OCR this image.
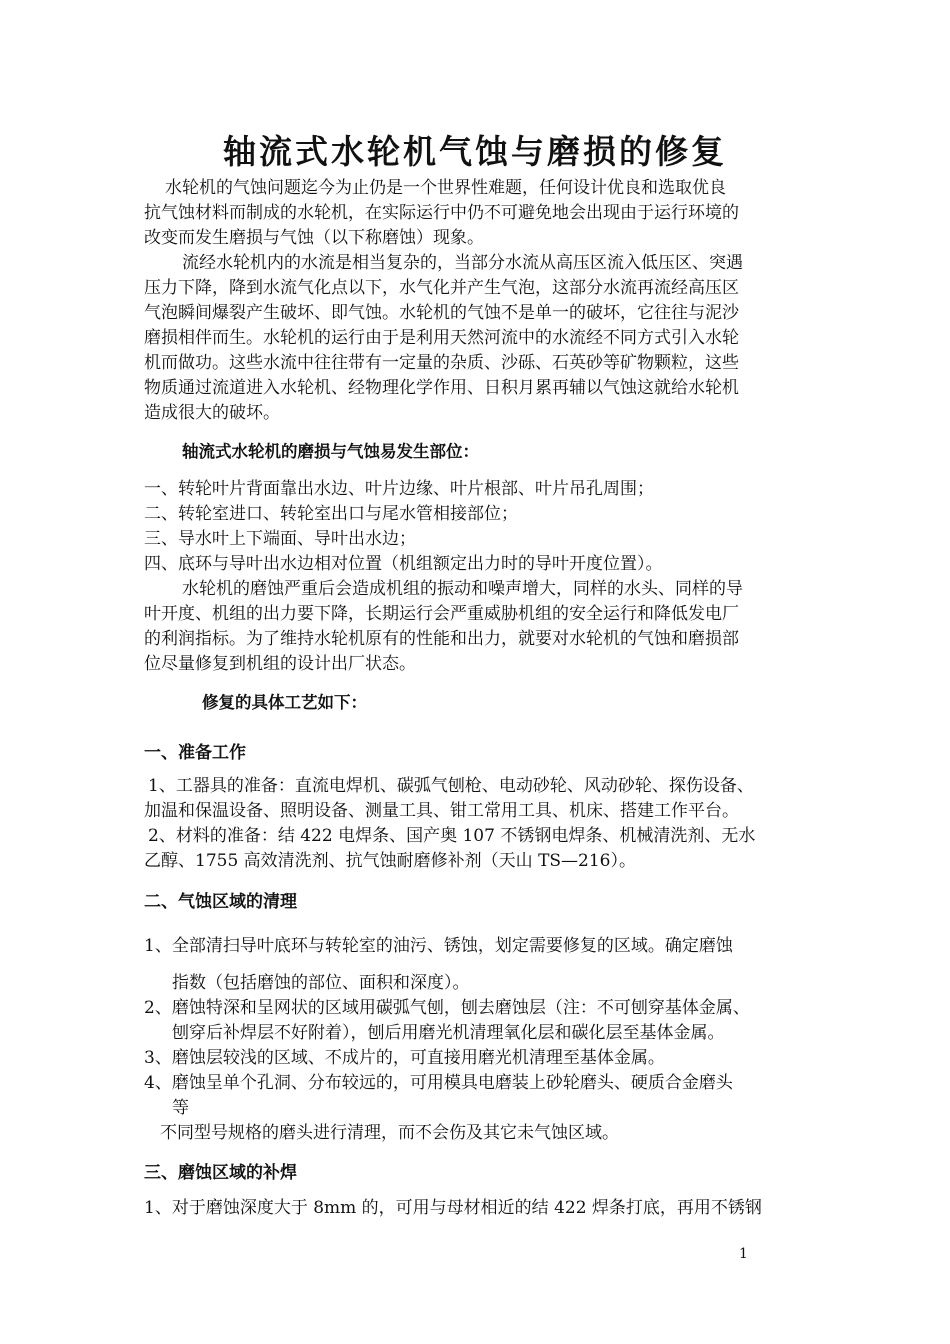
轴流式水轮机气蚀与磨损的修复
水轮机的气蚀问题迄今为止仍是一个世界性难题，任何设计优良和选取优良
抗气蚀材料而制成的水轮机，在实际运行中仍不可避免地会出现由于运行环境的
改变而发生磨损与气蚀（以下称磨蚀）现象。
流经水轮机内的水流是相当复杂的，当部分水流从高压区流入低压区、突遇
压力下降，降到水流气化点以下，水气化并产生气泡，这部分水流再流经高压区
气泡瞬间爆裂产生破坏、即气蚀。水轮机的气蚀不是单一的破坏，它往往与泥沙
磨损相伴而生。水轮机的运行由于是利用天然河流中的水流经不同方式引入水轮
机而做功。这些水流中往往带有一定量的杂质、沙砾、石英砂等矿物颗粒，这些
物质通过流道进入水轮机、经物理化学作用、日积月累再辅以气蚀这就给水轮机
造成很大的破坏。
轴流式水轮机的磨损与气蚀易发生部位：
一、转轮叶片背面靠出水边、叶片边缘、叶片根部、叶片吊孔周围；
二、转轮室进口、转轮室出口与尾水管相接部位；
三、导水叶上下端面、导叶出水边；
四、底环与导叶出水边相对位置（机组额定出力时的导叶开度位置）。
水轮机的磨蚀严重后会造成机组的振动和噪声增大，同样的水头、同样的导
叶开度、机组的出力要下降，长期运行会严重威胁机组的安全运行和降低发电厂
的利润指标。为了维持水轮机原有的性能和出力，就要对水轮机的气蚀和磨损部
位尽量修复到机组的设计出厂状态。
修复的具体工艺如下：
一、准备工作
1、工器具的准备：直流电焊机、碳弧气刨枪、电动砂轮、风动砂轮、探伤设备、
加温和保温设备、照明设备、测量工具、钳工常用工具、机床、搭建工作平台。
2、材料的准备：结 422 电焊条、国产奥 107 不锈钢电焊条、机械清洗剂、无水
乙醇、1755 高效清洗剂、抗气蚀耐磨修补剂（天山 TS—216）。
二、气蚀区域的清理
1、全部清扫导叶底环与转轮室的油污、锈蚀，划定需要修复的区域。确定磨蚀
指数（包括磨蚀的部位、面积和深度）。
2、磨蚀特深和呈网状的区域用碳弧气刨，刨去磨蚀层（注：不可刨穿基体金属、
刨穿后补焊层不好附着），刨后用磨光机清理氧化层和碳化层至基体金属。
3、磨蚀层较浅的区域、不成片的，可直接用磨光机清理至基体金属。
4、磨蚀呈单个孔洞、分布较远的，可用模具电磨装上砂轮磨头、硬质合金磨头
等
不同型号规格的磨头进行清理，而不会伤及其它未气蚀区域。
三、磨蚀区域的补焊
1、对于磨蚀深度大于 8mm 的，可用与母材相近的结 422 焊条打底，再用不锈钢
1
